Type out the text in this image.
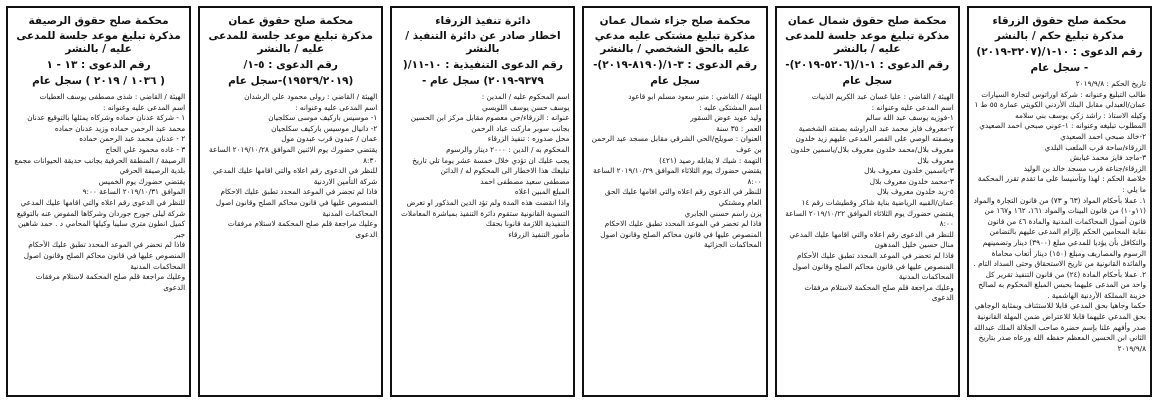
محكمة صلح حقوق الزرقاء
مذكرة تبليغ حكم / بالنشر
رقم الدعوى : ١٠-١/(٣٢٠٧-٢٠١٩)
- سجل عام

تاريخ الحكم : ٢٠١٩/٩/٨

طالب التبليغ وعنوانه : شركة اوراتوس لتجارة السيارات عمان/العبدلي مقابل البنك الأردني الكويتي عمارة ٥٥ ط ١

وكيله الاستاذ : راشد زكي يوسف بني سلامه

المطلوب تبليغه وعنوانه : ١-عوني صبحي احمد الصعيدي

٢-خالد صبحي احمد الصعيدي

الزرقاء/ساحة قرب الملعب البلدي

٣-ماجد فايز محمد غبابش

الزرقاء/جناعه قرب مسجد خالد بن الوليد

خلاصة الحكم : لهذا وتأسيسا على ما تقدم تقرر المحكمة ما يلي :

١. عملا بأحكام المواد (٦٣ و ٧٣) من قانون التجارة والمواد (١١و١٠) من قانون البينات والمواد ١٦١، ١٦٢ و١٦٧ من قانون أصول المحاكمات المدنية والمادة ٤٦ من قانون نقابة المحامين الحكم بإلزام المدعى عليهم بالتضامن والتكافل بأن يؤديا للمدعي مبلغ (٣٩٠٠) دينار وتضمينهم الرسوم والمصاريف ومبلغ (١٥٠) دينار أتعاب محاماة والفائدة القانونية من تاريخ الاستحقاق وحتى السداد التام .

٢. عملا بأحكام المادة (٢٤) من قانون التنفيذ تقرير كل واحد من المدعى عليهما بحبس المبلغ المحكوم به لصالح خزينة المملكة الأردنية الهاشمية .

حكما وجاهيا بحق المدعي قابلا للاستئناف وبمثابة الوجاهي بحق المدعي عليهما قابلا للاعتراض ضمن المهلة القانونية صدر وأفهم علنا بإسم حضرة صاحب الجلالة الملك عبدالله الثاني ابن الحسين المعظم حفظه الله ورعاه صدر بتاريخ ٢٠١٩/٩/٨

محكمة صلح حقوق شمال عمان
مذكرة تبليغ موعد جلسة للمدعى عليه / بالنشر
رقم الدعوى : ١-١/(٥٢٠٦-٢٠١٩)-
سجل عام

الهيئة / القاضي : عليا غسان عبد الكريم الذيبات

اسم المدعى عليه وعنوانه :

١-فوزيه يوسف عبد الله سالم

٢-معروف فايز محمد عبد الدراوشه بصفته الشخصية وبصفته الوصي على القصر المدعى عليهم زيد خلدون معروف بلال/محمد خلدون معروف بلال/ياسمين خلدون معروف بلال

٣-ياسمين خلدون معروف بلال

٣-محمد خلدون معروف بلال

٥-زيد خلدون معروف بلال

عمان/القبيه الرياضية بناية شاكر وقطيشات رقم ١٤

يقتضي حضورك يوم الثلاثاء الموافق ٢٠١٩/١٠/٢٢ الساعة ٨:٠٠

للنظر في الدعوى رقم اعلاه والتي اقامها عليك المدعي

منال حسين خليل المدهون

فاذا لم تحضر في الموعد المحدد تطبق عليك الأحكام المنصوص عليها في قانون محاكم الصلح وقانون اصول المحاكمات المدنية

وعليك مراجعة قلم صلح المحكمة لاستلام مرفقات الدعوى

محكمة صلح جزاء شمال عمان
مذكرة تبليغ مشتكى عليه مدعي عليه بالحق الشخصي / بالنشر
رقم الدعوى : ٣-١/(٨١٩٠-٢٠١٩)-
سجل عام

الهيئة / القاضي : منير سعود مسلم ابو قاعود

اسم المشتكى عليه :

وليد عويد عوض السقور

العمر : ٣٥ سنة

العنوان : صويلح/الحي الشرقي مقابل مسجد عبد الرحمن بن عوف

التهمة : شيك لا يقابله رصيد (٤٢١)

يقتضي حضورك يوم الثلاثاء الموافق ٢٠١٩/١٠/٢٩ الساعة ٨:٠٠

للنظر في الدعوى رقم اعلاه والتي اقامها عليك الحق العام ومشتكي

يزن راسم حسني الجابري

فاذا لم تحضر في الموعد المحدد تطبق عليك الاحكام المنصوص عليها في قانون محاكم الصلح وقانون اصول المحاكمات الجزائية

دائرة تنفيذ الزرقاء
اخطار صادر عن دائرة التنفيذ / بالنشر
رقم الدعوى التنفيذية : ١٠-١١/(
٩٣٧٩-٢٠١٩) سجل عام -

اسم المحكوم عليه / المدين :

يوسف حسن يوسف اللويسي

عنوانه : الزرقاء/حي معصوم مقابل مركز ابن الحسين بجانب سوبر ماركت عباد الرحمن

محل صدوره : تنفيذ الزرقاء

المحكوم به / الدين : ٢٠٠٠ دينار والرسوم

يجب عليك ان تؤدي خلال خمسة عشر يوما تلي تاريخ تبليغك هذا الاخطار الى المحكوم له / الدائن

مصطفى سعيد مصطفى احمد

المبلغ المبين اعلاه

واذا انقضت هذه المدة ولم تؤد الدين المذكور او تعرض التسوية القانونية ستقوم دائرة التنفيذ بمباشرة المعاملات التنفيذية اللازمة قانونا بحقك

مأمور التنفيذ الزرقاء

محكمة صلح حقوق عمان
مذكرة تبليغ موعد جلسة للمدعى عليه / بالنشر
رقم الدعوى : ٥-١/
(١٩٥٣٩/٢٠١٩)-سجل عام

الهيئة / القاضي : رولى محمود علي الرشدان

اسم المدعى عليه وعنوانه :

١- موسيس بارکیف موسی سکلجيان

٢- دانيال موسيس باركيف سكلجيان

عمان / عبدون قرب عبدون مول

يقتضي حضورك يوم الاثنين الموافق ٢٠١٩/١٠/٢٨ الساعة ٨:٣٠

للنظر في الدعوى رقم اعلاه والتي اقامها عليك المدعي

شركة التأمين الاردنية

فاذا لم تحضر في الموعد المحدد تطبق عليك الاحكام المنصوص عليها في قانون محاكم الصلح وقانون اصول المحاكمات المدنية

وعليك مراجعة قلم صلح المحكمة لاستلام مرفقات الدعوى

محكمة صلح حقوق الرصيفة
مذكرة تبليغ موعد جلسة للمدعى عليه / بالنشر
رقم الدعوى : ١٣ - ١
( ١٠٣٦ / ٢٠١٩ ) سجل عام

الهيئة / القاضي : شذى مصطفى يوسف العطيات

اسم المدعى عليه وعنوانه :

١ - شركة عدنان حماده وشركاه يمثلها بالتوقيع عدنان محمد عبد الرحمن حماده وزيد عدنان حماده

٢ - عدنان محمد عبد الرحمن حماده

٣ - غاده محمود علي الحاج

الرصيفة / المنطقة الحرفية بجانب حديقة الحيوانات مجمع بلدية الرصيفة الحرفي

يقتضي حضورك يوم الخميس

الموافق ٢٠١٩/١٠/٣١ الساعة ٩:٠٠

للنظر في الدعوى رقم اعلاه والتي اقامها عليك المدعي

شركة ليلى جورج جوردان وشركاها المفوض عنه بالتوقيع كميل انطون متري سليبا وكيلها المحامي د . حمد شاهين جبر

فاذا لم تحضر في الموعد المحدد تطبق عليك الأحكام المنصوص عليها في قانون محاكم الصلح وقانون اصول المحاكمات المدنية

وعليك مراجعة قلم صلح المحكمة لاستلام مرفقات الدعوى
